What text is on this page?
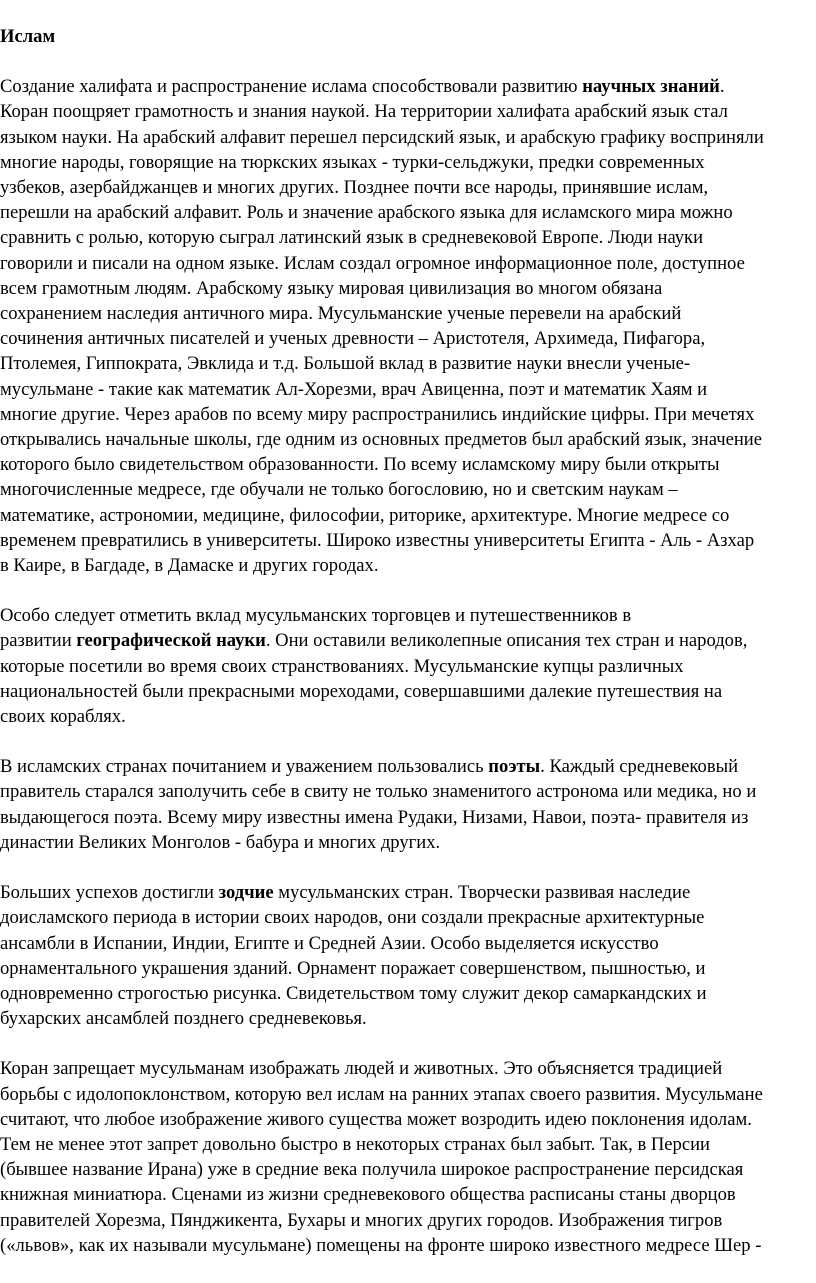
Ислам
Создание халифата и распространение ислама способствовали развитию научных знаний.
Коран поощряет грамотность и знания наукой. На территории халифата арабский язык стал
языком науки. На арабский алфавит перешел персидский язык, и арабскую графику восприняли
многие народы, говорящие на тюркских языках - турки-сельджуки, предки современных
узбеков, азербайджанцев и многих других. Позднее почти все народы, принявшие ислам,
перешли на арабский алфавит. Роль и значение арабского языка для исламского мира можно
сравнить с ролью, которую сыграл латинский язык в средневековой Европе. Люди науки
говорили и писали на одном языке. Ислам создал огромное информационное поле, доступное
всем грамотным людям. Арабскому языку мировая цивилизация во многом обязана
сохранением наследия античного мира. Мусульманские ученые перевели на арабский
сочинения античных писателей и ученых древности – Аристотеля, Архимеда, Пифагора,
Птолемея, Гиппократа, Эвклида и т.д. Большой вклад в развитие науки внесли ученые-
мусульмане - такие как математик Ал-Хорезми, врач Авиценна, поэт и математик Хаям и
многие другие. Через арабов по всему миру распространились индийские цифры. При мечетях
открывались начальные школы, где одним из основных предметов был арабский язык, значение
которого было свидетельством образованности. По всему исламскому миру были открыты
многочисленные медресе, где обучали не только богословию, но и светским наукам –
математике, астрономии, медицине, философии, риторике, архитектуре. Многие медресе со
временем превратились в университеты. Широко известны университеты Египта - Аль - Азхар
в Каире, в Багдаде, в Дамаске и других городах.
Особо следует отметить вклад мусульманских торговцев и путешественников в
развитии географической науки. Они оставили великолепные описания тех стран и народов,
которые посетили во время своих странствованиях. Мусульманские купцы различных
национальностей были прекрасными мореходами, совершавшими далекие путешествия на
своих кораблях.
В исламских странах почитанием и уважением пользовались поэты. Каждый средневековый
правитель старался заполучить себе в свиту не только знаменитого астронома или медика, но и
выдающегося поэта. Всему миру известны имена Рудаки, Низами, Навои, поэта- правителя из
династии Великих Монголов - бабура и многих других.
Больших успехов достигли зодчие мусульманских стран. Творчески развивая наследие
доисламского периода в истории своих народов, они создали прекрасные архитектурные
ансамбли в Испании, Индии, Египте и Средней Азии. Особо выделяется искусство
орнаментального украшения зданий. Орнамент поражает совершенством, пышностью, и
одновременно строгостью рисунка. Свидетельством тому служит декор самаркандских и
бухарских ансамблей позднего средневековья.
Коран запрещает мусульманам изображать людей и животных. Это объясняется традицией
борьбы с идолопоклонством, которую вел ислам на ранних этапах своего развития. Мусульмане
считают, что любое изображение живого существа может возродить идею поклонения идолам.
Тем не менее этот запрет довольно быстро в некоторых странах был забыт. Так, в Персии
(бывшее название Ирана) уже в средние века получила широкое распространение персидская
книжная миниатюра. Сценами из жизни средневекового общества расписаны станы дворцов
правителей Хорезма, Пянджикента, Бухары и многих других городов. Изображения тигров
(«львов», как их называли мусульмане) помещены на фронте широко известного медресе Шер -
